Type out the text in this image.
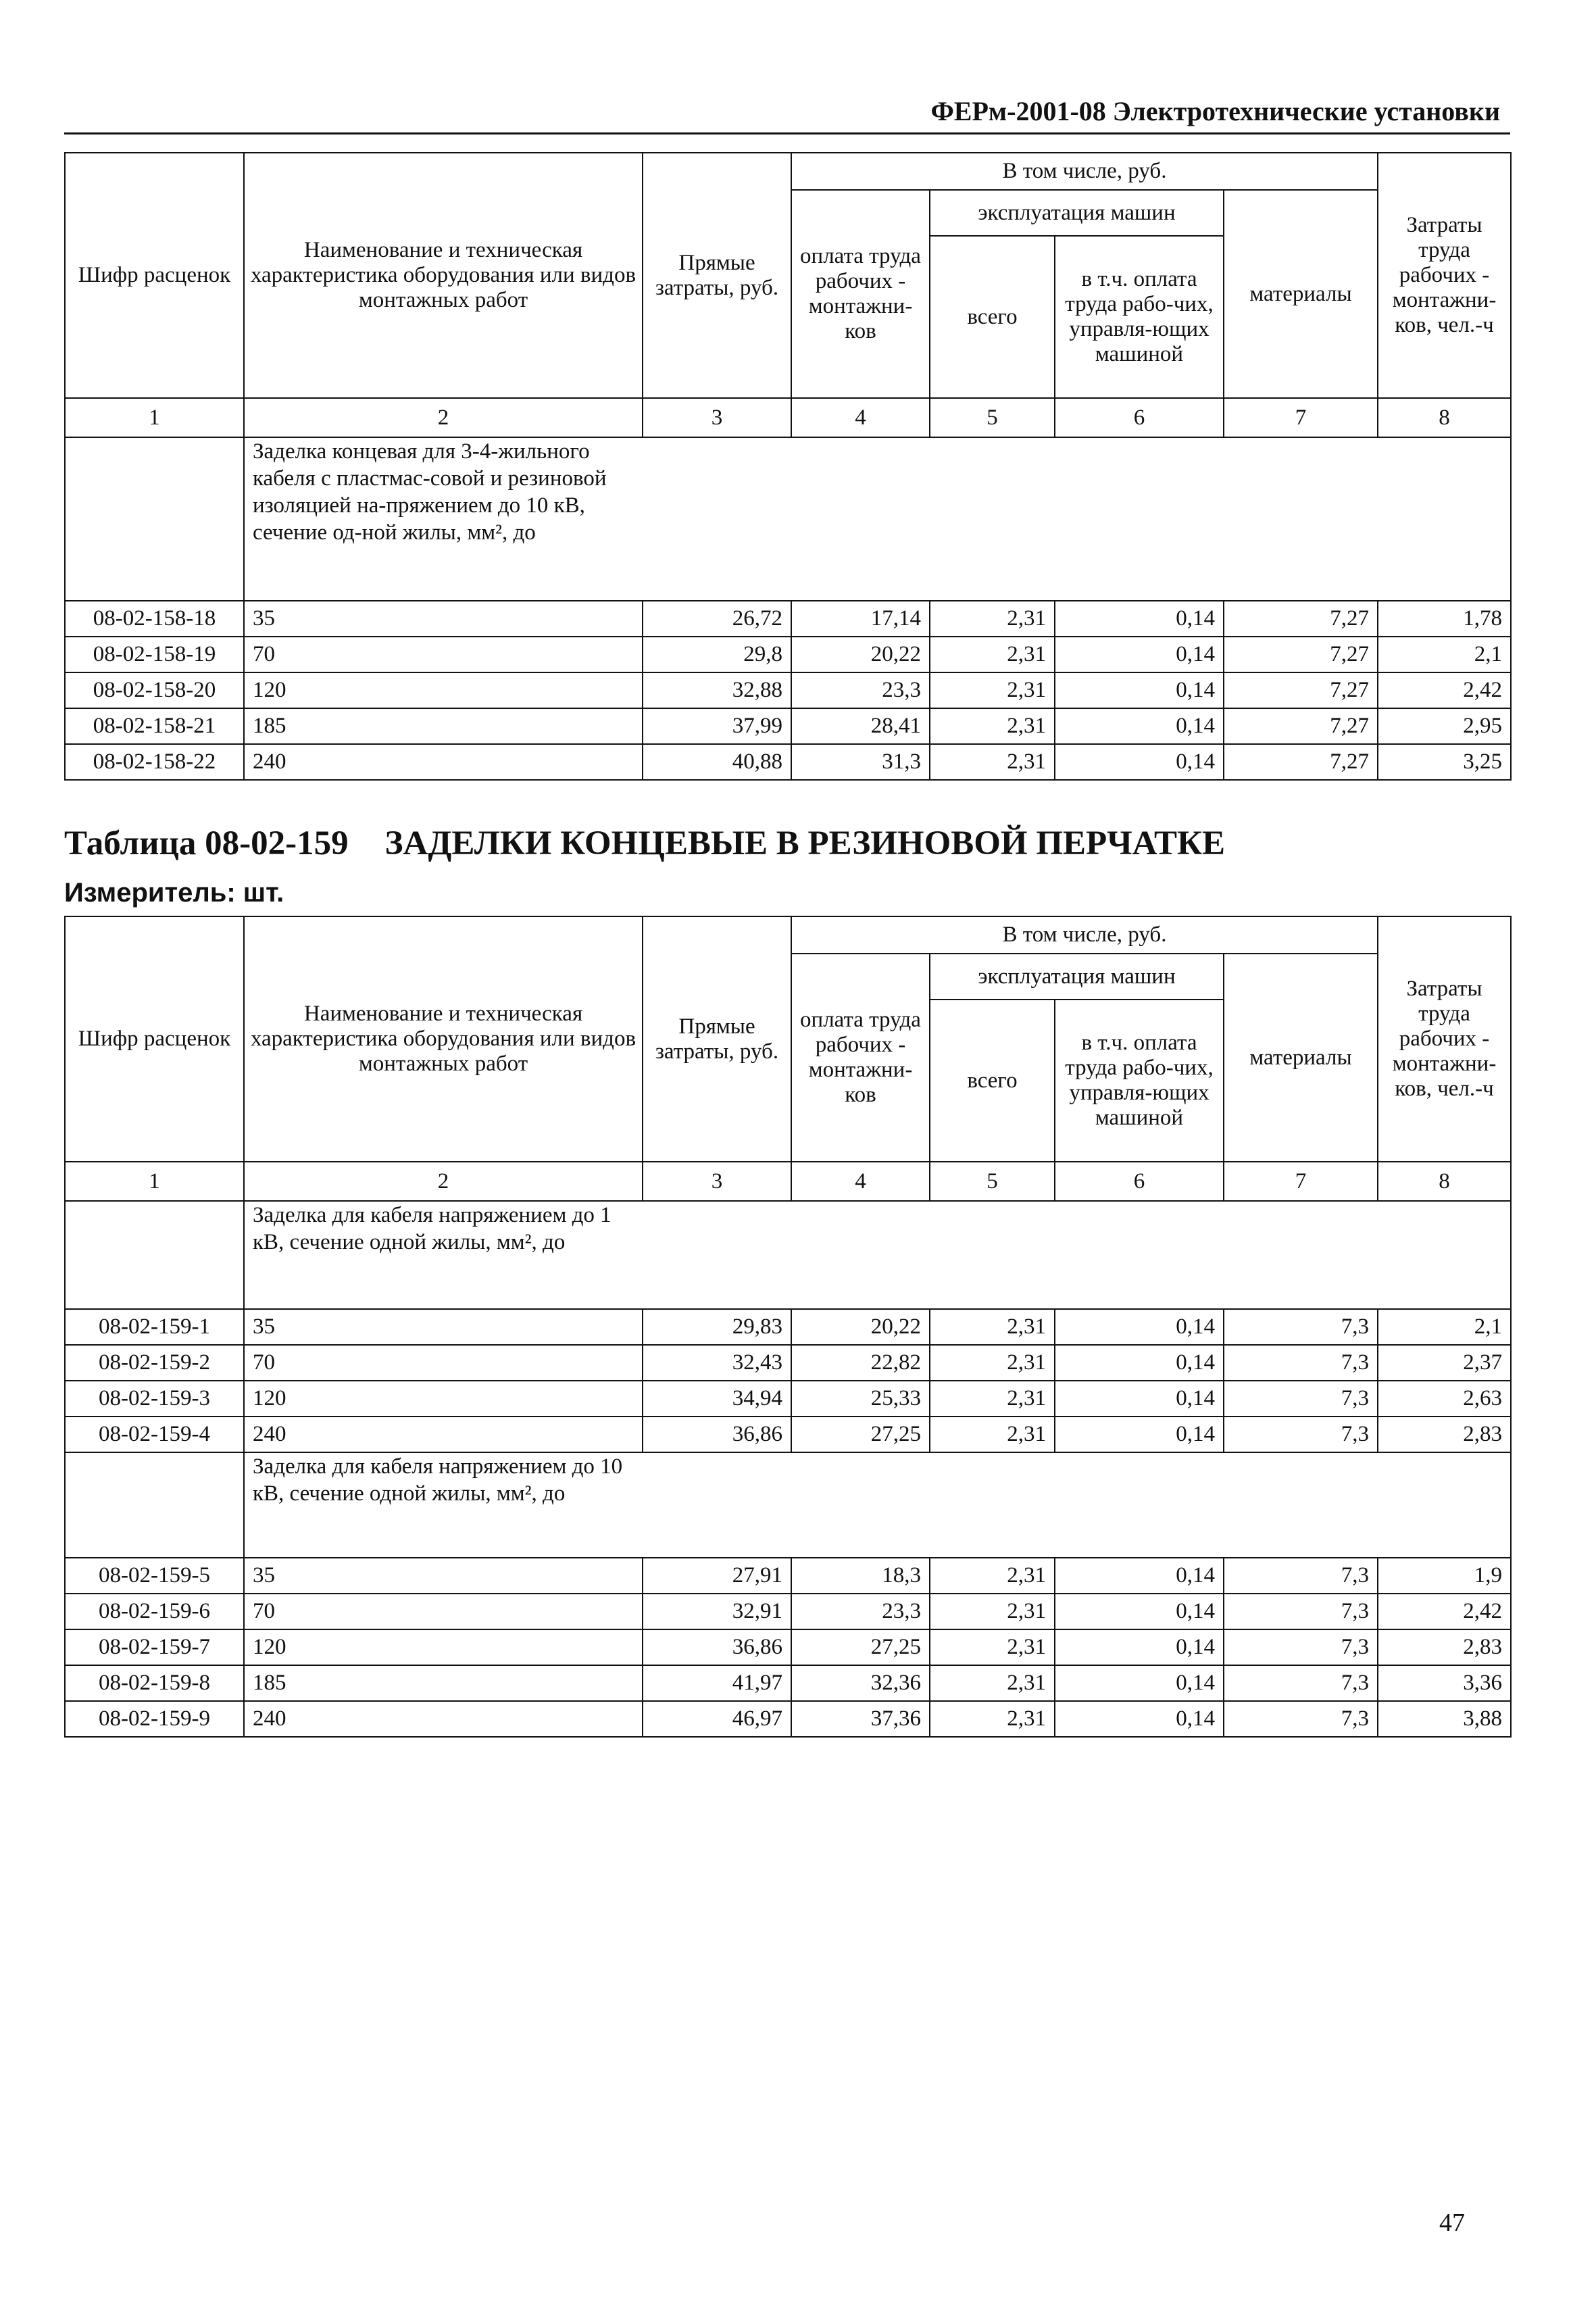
ФЕРм-2001-08 Электротехнические установки
Шифр расценок	Наименование и техническая характеристика оборудования или видов монтажных работ	Прямые затраты, руб.	В том числе, руб.				Затраты труда рабочих - монтажни-ков, чел.-ч
			оплата труда рабочих - монтажни-ков	эксплуатация машин		материалы	
				всего	в т.ч. оплата труда рабо-чих, управля-ющих машиной		
1	2	3	4	5	6	7	8

	Заделка концевая для 3-4-жильного кабеля с пластмас-совой и резиновой изоляцией на-пряжением до 10 кВ, сечение од-ной жилы, мм², до						

08-02-158-18	35	26,72	17,14	2,31	0,14	7,27	1,78
08-02-158-19	70	29,8	20,22	2,31	0,14	7,27	2,1
08-02-158-20	120	32,88	23,3	2,31	0,14	7,27	2,42
08-02-158-21	185	37,99	28,41	2,31	0,14	7,27	2,95
08-02-158-22	240	40,88	31,3	2,31	0,14	7,27	3,25
Таблица 08-02-159 ЗАДЕЛКИ КОНЦЕВЫЕ В РЕЗИНОВОЙ ПЕРЧАТКЕ
Измеритель: шт.
Шифр расценок	Наименование и техническая характеристика оборудования или видов монтажных работ	Прямые затраты, руб.	В том числе, руб.				Затраты труда рабочих - монтажни-ков, чел.-ч
			оплата труда рабочих - монтажни-ков	эксплуатация машин		материалы	
				всего	в т.ч. оплата труда рабо-чих, управля-ющих машиной		
1	2	3	4	5	6	7	8

	Заделка для кабеля напряжением до 1 кВ, сечение одной жилы, мм², до						

08-02-159-1	35	29,83	20,22	2,31	0,14	7,3	2,1
08-02-159-2	70	32,43	22,82	2,31	0,14	7,3	2,37
08-02-159-3	120	34,94	25,33	2,31	0,14	7,3	2,63
08-02-159-4	240	36,86	27,25	2,31	0,14	7,3	2,83

	Заделка для кабеля напряжением до 10 кВ, сечение одной жилы, мм², до						

08-02-159-5	35	27,91	18,3	2,31	0,14	7,3	1,9
08-02-159-6	70	32,91	23,3	2,31	0,14	7,3	2,42
08-02-159-7	120	36,86	27,25	2,31	0,14	7,3	2,83
08-02-159-8	185	41,97	32,36	2,31	0,14	7,3	3,36
08-02-159-9	240	46,97	37,36	2,31	0,14	7,3	3,88
47
